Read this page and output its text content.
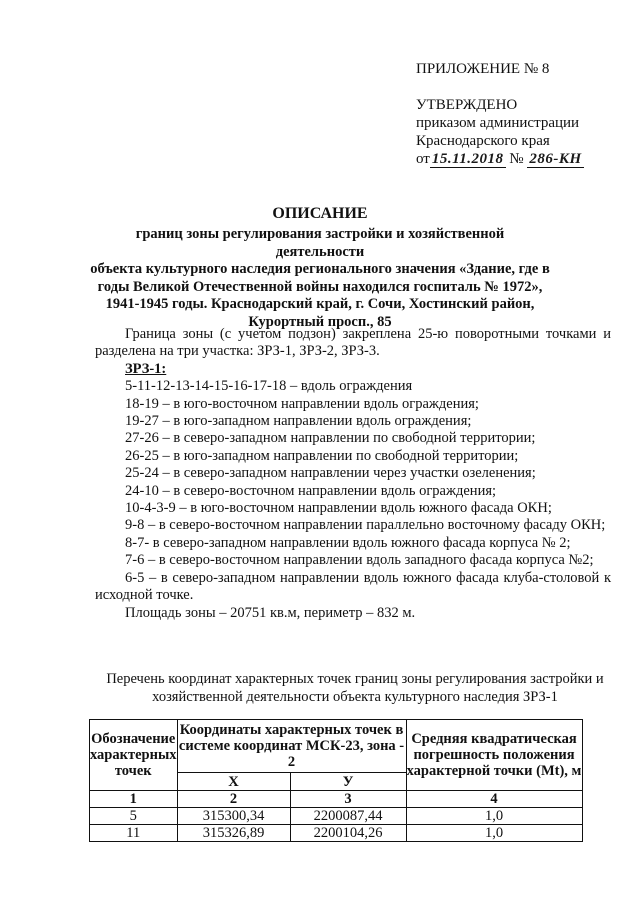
ПРИЛОЖЕНИЕ № 8
УТВЕРЖДЕНО
приказом администрации
Краснодарского края
от 15.11.2018 № 286-КН
ОПИСАНИЕ
границ зоны регулирования застройки и хозяйственной деятельности
объекта культурного наследия регионального значения «Здание, где в
годы Великой Отечественной войны находился госпиталь № 1972»,
1941-1945 годы. Краснодарский край, г. Сочи, Хостинский район,
Курортный просп., 85

Граница зоны (с учетом подзон) закреплена 25-ю поворотными точками и разделена на три участка: ЗРЗ-1, ЗРЗ-2, ЗРЗ-3.

ЗРЗ-1:

5-11-12-13-14-15-16-17-18 – вдоль ограждения

18-19 – в юго-восточном направлении вдоль ограждения;

19-27 – в юго-западном направлении вдоль ограждения;

27-26 – в северо-западном направлении по свободной территории;

26-25 – в юго-западном направлении по свободной территории;

25-24 – в северо-западном направлении через участки озеленения;

24-10 – в северо-восточном направлении вдоль ограждения;

10-4-3-9 – в юго-восточном направлении вдоль южного фасада ОКН;

9-8 – в северо-восточном направлении параллельно восточному фасаду ОКН;

8-7- в северо-западном направлении вдоль южного фасада корпуса № 2;

7-6 – в северо-восточном направлении вдоль западного фасада корпуса №2;

6-5 – в северо-западном направлении вдоль южного фасада клуба-столовой к исходной точке.

Площадь зоны – 20751 кв.м, периметр – 832 м.

Перечень координат характерных точек границ зоны регулирования застройки и
хозяйственной деятельности объекта культурного наследия ЗРЗ-1
Обозначение характерных точек	Координаты характерных точек в системе координат МСК-23, зона - 2		Средняя квадратическая погрешность положения характерной точки (Mt), м
	Х	У	
1	2	3	4
5	315300,34	2200087,44	1,0
11	315326,89	2200104,26	1,0
